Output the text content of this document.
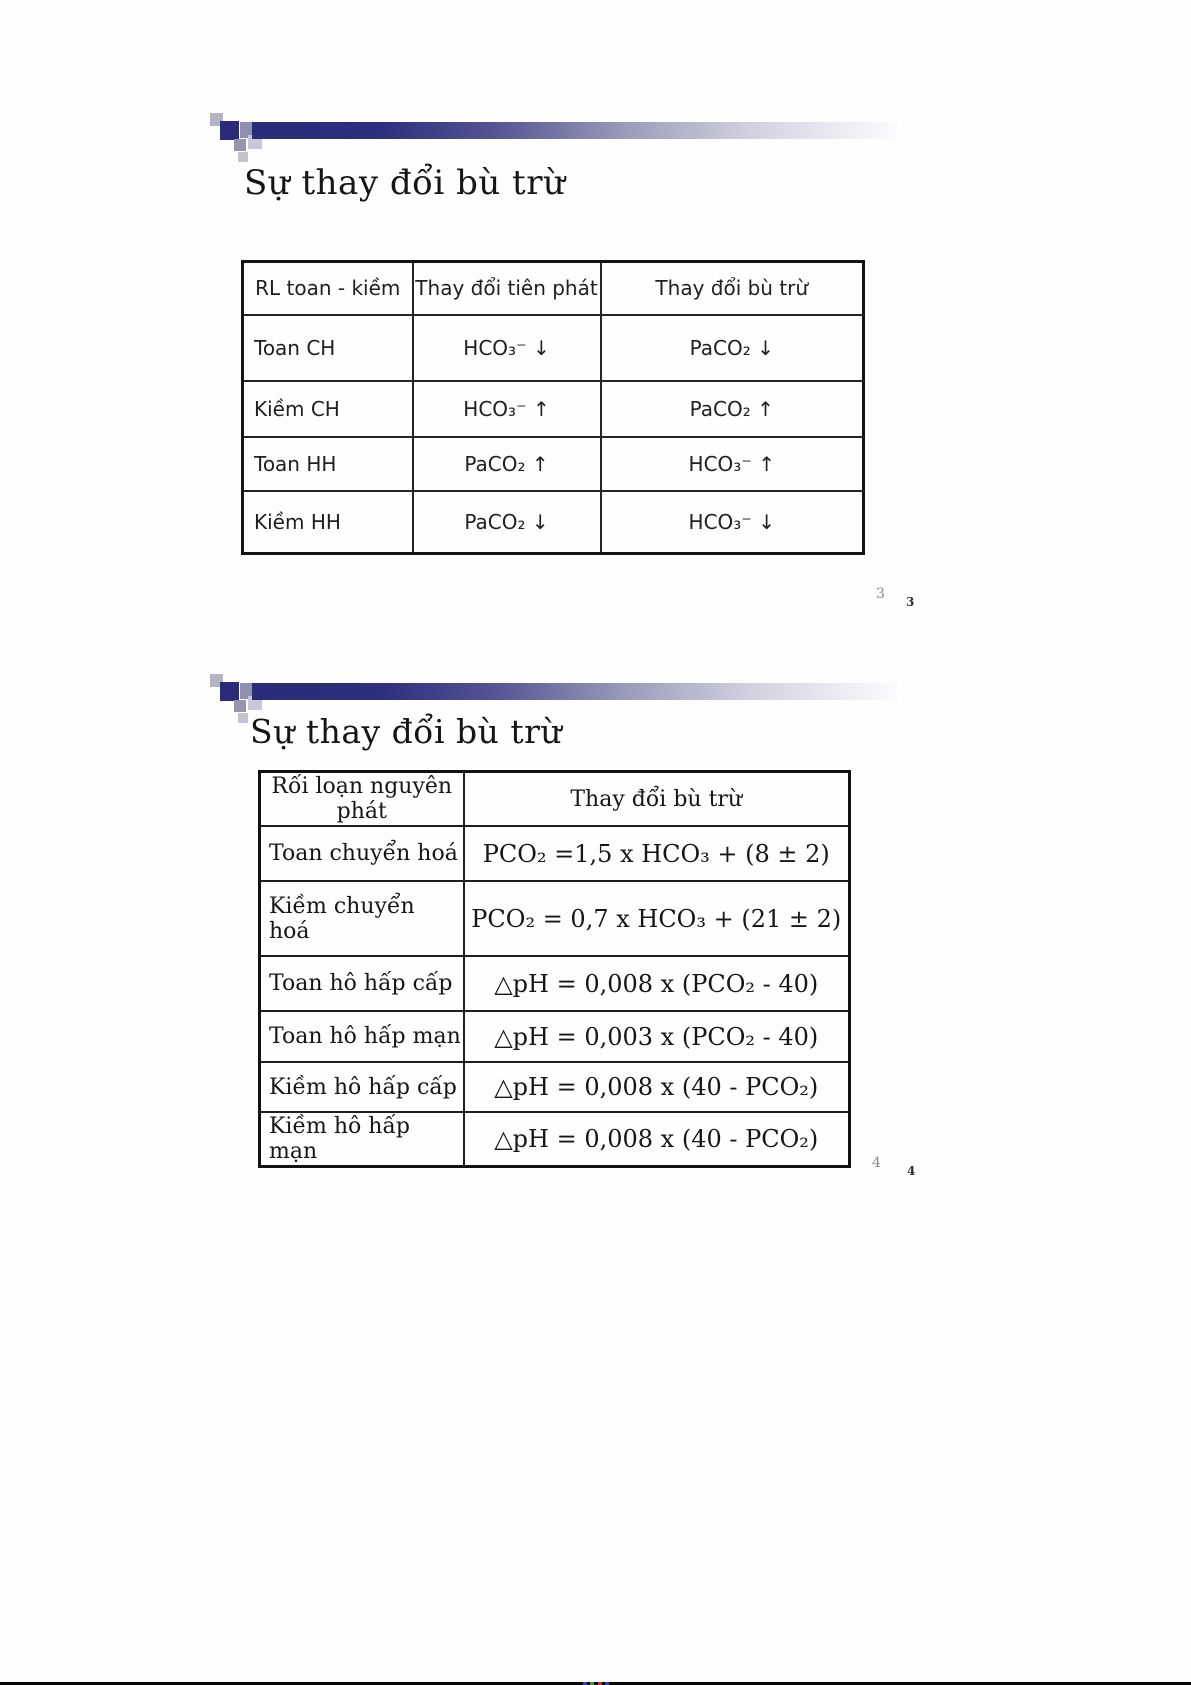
Sự thay đổi bù trừ
RL toan - kiềm	Thay đổi tiên phát	Thay đổi bù trừ
Toan CH	HCO₃⁻ ↓	PaCO₂ ↓
Kiềm CH	HCO₃⁻ ↑	PaCO₂ ↑
Toan HH	PaCO₂ ↑	HCO₃⁻ ↑
Kiềm HH	PaCO₂ ↓	HCO₃⁻ ↓
3 3
Sự thay đổi bù trừ
Rối loạn nguyên phát	Thay đổi bù trừ
Toan chuyển hoá	PCO₂ =1,5 x HCO₃ + (8 ± 2)
Kiềm chuyển hoá	PCO₂ = 0,7 x HCO₃ + (21 ± 2)
Toan hô hấp cấp	△pH = 0,008 x (PCO₂ - 40)
Toan hô hấp mạn	△pH = 0,003 x (PCO₂ - 40)
Kiềm hô hấp cấp	△pH = 0,008 x (40 - PCO₂)
Kiềm hô hấp mạn	△pH = 0,008 x (40 - PCO₂)
4 4
